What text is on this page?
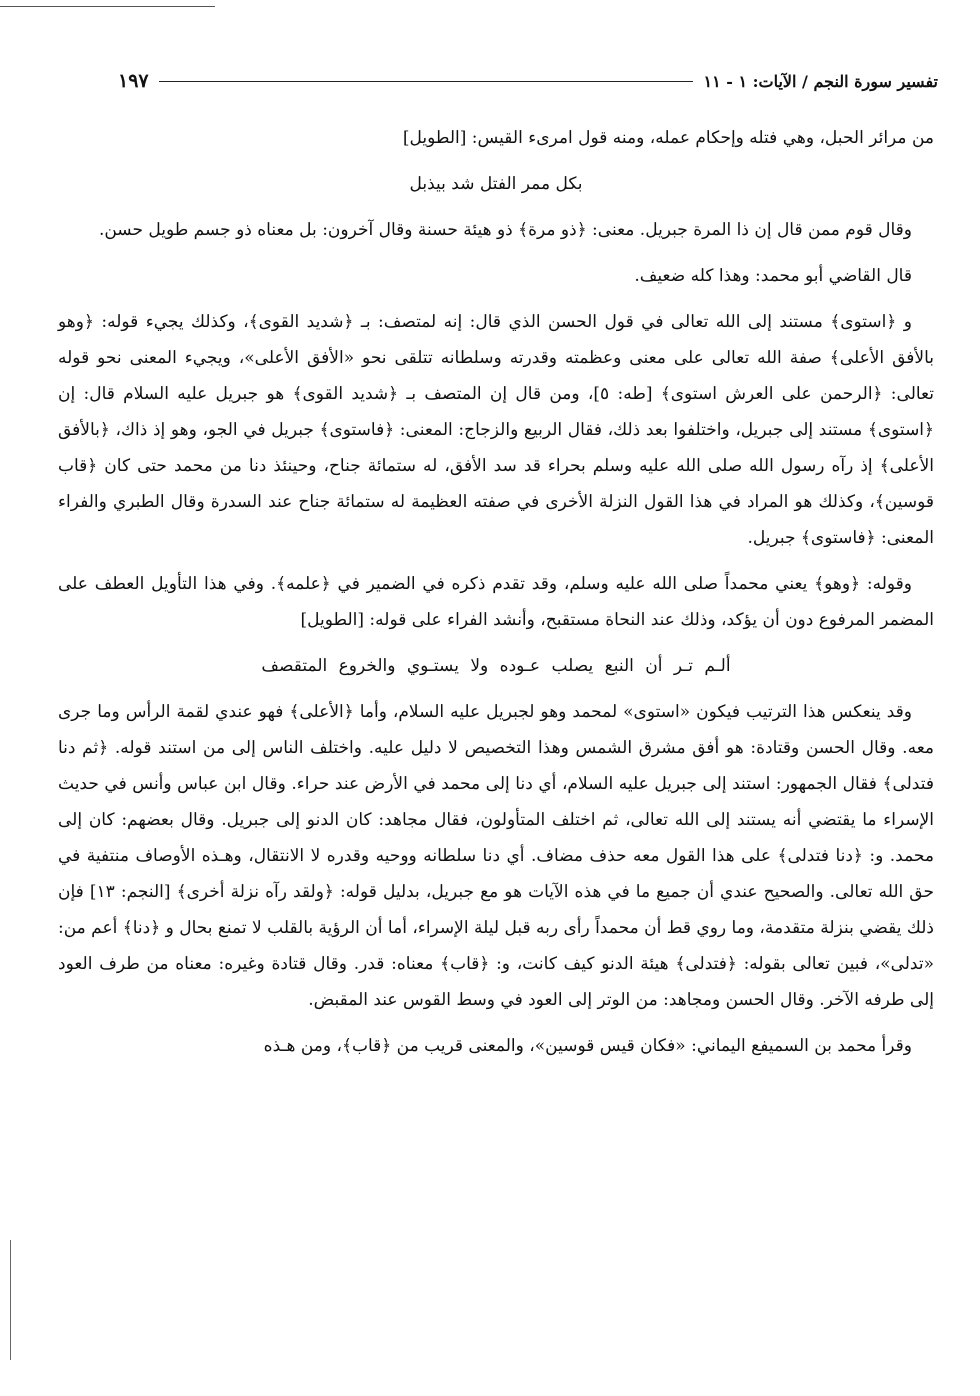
تفسير سورة النجم / الآيات: ١ - ١١
١٩٧

من مرائر الحبل، وهي فتله وإحكام عمله، ومنه قول امرىء القيس: [الطويل]

بكل ممر الفتل شد بيذبل

وقال قوم ممن قال إن ذا المرة جبريل. معنى: ﴿ذو مرة﴾ ذو هيئة حسنة وقال آخرون: بل معناه ذو جسم طويل حسن.

قال القاضي أبو محمد: وهذا كله ضعيف.

و ﴿استوى﴾ مستند إلى الله تعالى في قول الحسن الذي قال: إنه لمتصف: بـ ﴿شديد القوى﴾، وكذلك يجيء قوله: ﴿وهو بالأفق الأعلى﴾ صفة الله تعالى على معنى وعظمته وقدرته وسلطانه تتلقى نحو «الأفق الأعلى»، ويجيء المعنى نحو قوله تعالى: ﴿الرحمن على العرش استوى﴾ [طه: ٥]، ومن قال إن المتصف بـ ﴿شديد القوى﴾ هو جبريل عليه السلام قال: إن ﴿استوى﴾ مستند إلى جبريل، واختلفوا بعد ذلك، فقال الربيع والزجاج: المعنى: ﴿فاستوى﴾ جبريل في الجو، وهو إذ ذاك، ﴿بالأفق الأعلى﴾ إذ رآه رسول الله صلى الله عليه وسلم بحراء قد سد الأفق، له ستمائة جناح، وحينئذ دنا من محمد حتى كان ﴿قاب قوسين﴾، وكذلك هو المراد في هذا القول النزلة الأخرى في صفته العظيمة له ستمائة جناح عند السدرة وقال الطبري والفراء المعنى: ﴿فاستوى﴾ جبريل.

وقوله: ﴿وهو﴾ يعني محمداً صلى الله عليه وسلم، وقد تقدم ذكره في الضمير في ﴿علمه﴾. وفي هذا التأويل العطف على المضمر المرفوع دون أن يؤكد، وذلك عند النحاة مستقبح، وأنشد الفراء على قوله: [الطويل]

ألـم تـر أن النبع يصلب عـوده ولا يستـوي والخروع المتقصف

وقد ينعكس هذا الترتيب فيكون «استوى» لمحمد وهو لجبريل عليه السلام، وأما ﴿الأعلى﴾ فهو عندي لقمة الرأس وما جرى معه. وقال الحسن وقتادة: هو أفق مشرق الشمس وهذا التخصيص لا دليل عليه. واختلف الناس إلى من استند قوله. ﴿ثم دنا فتدلى﴾ فقال الجمهور: استند إلى جبريل عليه السلام، أي دنا إلى محمد في الأرض عند حراء. وقال ابن عباس وأنس في حديث الإسراء ما يقتضي أنه يستند إلى الله تعالى، ثم اختلف المتأولون، فقال مجاهد: كان الدنو إلى جبريل. وقال بعضهم: كان إلى محمد. و: ﴿دنا فتدلى﴾ على هذا القول معه حذف مضاف. أي دنا سلطانه ووحيه وقدره لا الانتقال، وهـذه الأوصاف منتفية في حق الله تعالى. والصحيح عندي أن جميع ما في هذه الآيات هو مع جبريل، بدليل قوله: ﴿ولقد رآه نزلة أخرى﴾ [النجم: ١٣] فإن ذلك يقضي بنزلة متقدمة، وما روي قط أن محمداً رأى ربه قبل ليلة الإسراء، أما أن الرؤية بالقلب لا تمنع بحال و ﴿دنا﴾ أعم من: «تدلى»، فبين تعالى بقوله: ﴿فتدلى﴾ هيئة الدنو كيف كانت، و: ﴿قاب﴾ معناه: قدر. وقال قتادة وغيره: معناه من طرف العود إلى طرفه الآخر. وقال الحسن ومجاهد: من الوتر إلى العود في وسط القوس عند المقبض.

وقرأ محمد بن السميفع اليماني: «فكان قيس قوسين»، والمعنى قريب من ﴿قاب﴾، ومن هـذه
